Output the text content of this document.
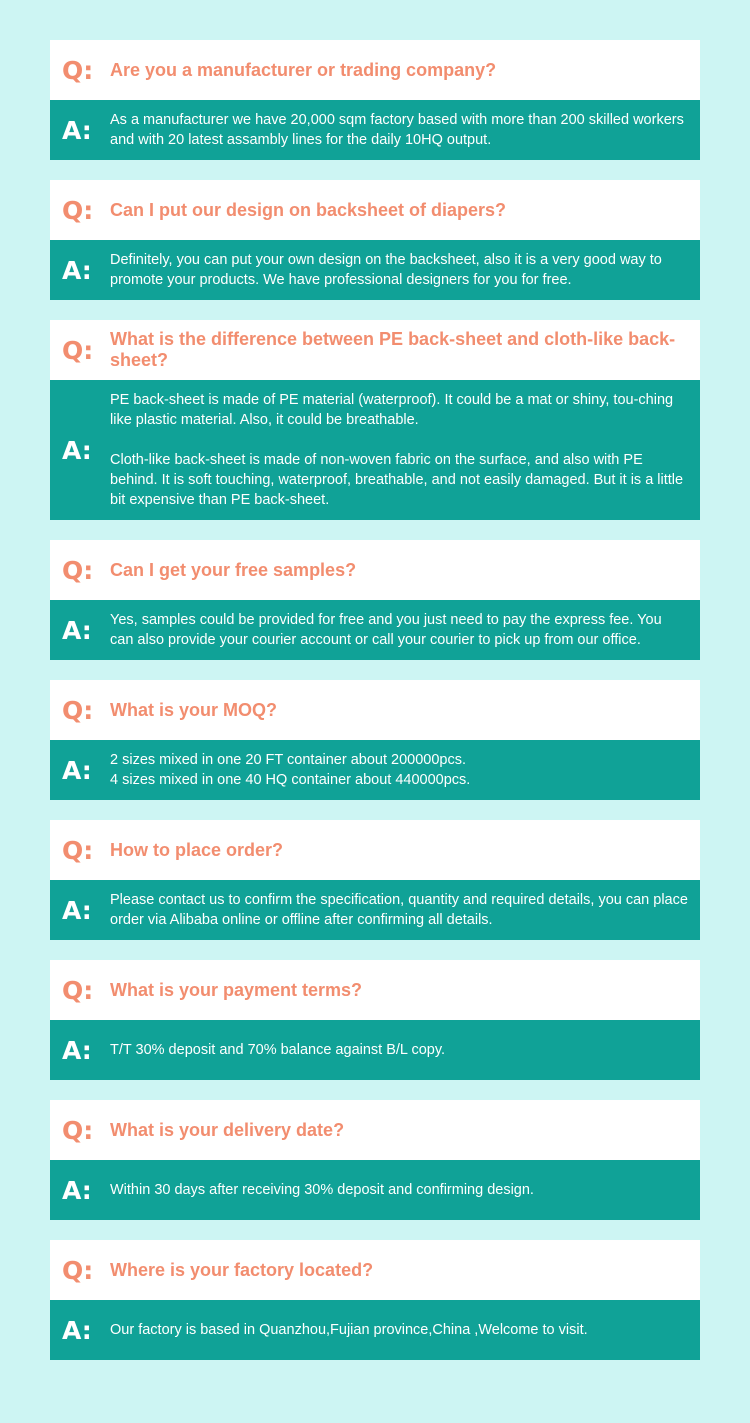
Q: Are you a manufacturer or trading company?
A:	As a manufacturer we have 20,000 sqm factory based with more than 200 skilled workers and with 20 latest assambly lines for the daily 10HQ output.

Q: Can I put our design on backsheet of diapers?
A:	Definitely, you can put your own design on the backsheet, also it is a very good way to promote your products. We have professional designers for you for free.

Q: What is the difference between PE back-sheet and cloth-like back-sheet?
A:

PE back-sheet is made of PE material (waterproof). It could be a mat or shiny, tou-ching like plastic material. Also, it could be breathable.

Cloth-like back-sheet is made of non-woven fabric on the surface, and also with PE behind. It is soft touching, waterproof, breathable, and not easily damaged. But it is a little bit expensive than PE back-sheet.

Q: Can I get your free samples?
A:	Yes, samples could be provided for free and you just need to pay the express fee. You can also provide your courier account or call your courier to pick up from our office.

Q: What is your MOQ?
A:	2 sizes mixed in one 20 FT container about 200000pcs.
4 sizes mixed in one 40 HQ container about 440000pcs.

Q: How to place order?
A:	Please contact us to confirm the specification, quantity and required details, you can place order via Alibaba online or offline after confirming all details.

Q: What is your payment terms?
A:	T/T 30% deposit and 70% balance against B/L copy.

Q: What is your delivery date?
A:	Within 30 days after receiving 30% deposit and confirming design.

Q: Where is your factory located?
A:	Our factory is based in Quanzhou,Fujian province,China ,Welcome to visit.
